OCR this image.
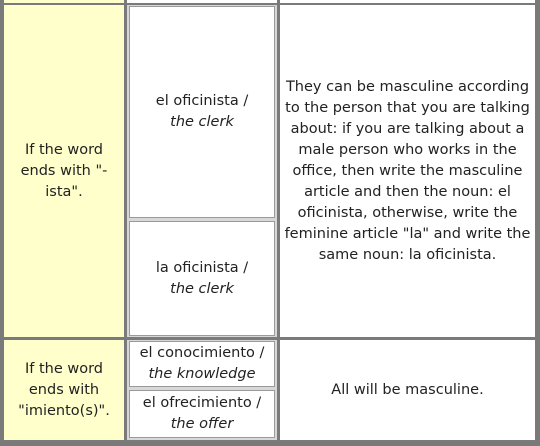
If the word ends with "-ista".
el oficinista /
the clerk
la oficinista /
the clerk
They can be masculine according to the person that you are talking about: if you are talking about a male person who works in the office, then write the masculine article and then the noun: el oficinista, otherwise, write the feminine article "la" and write the same noun: la oficinista.
If the word ends with "imiento(s)".
el conocimiento /
the knowledge
el ofrecimiento /
the offer
All will be masculine.
